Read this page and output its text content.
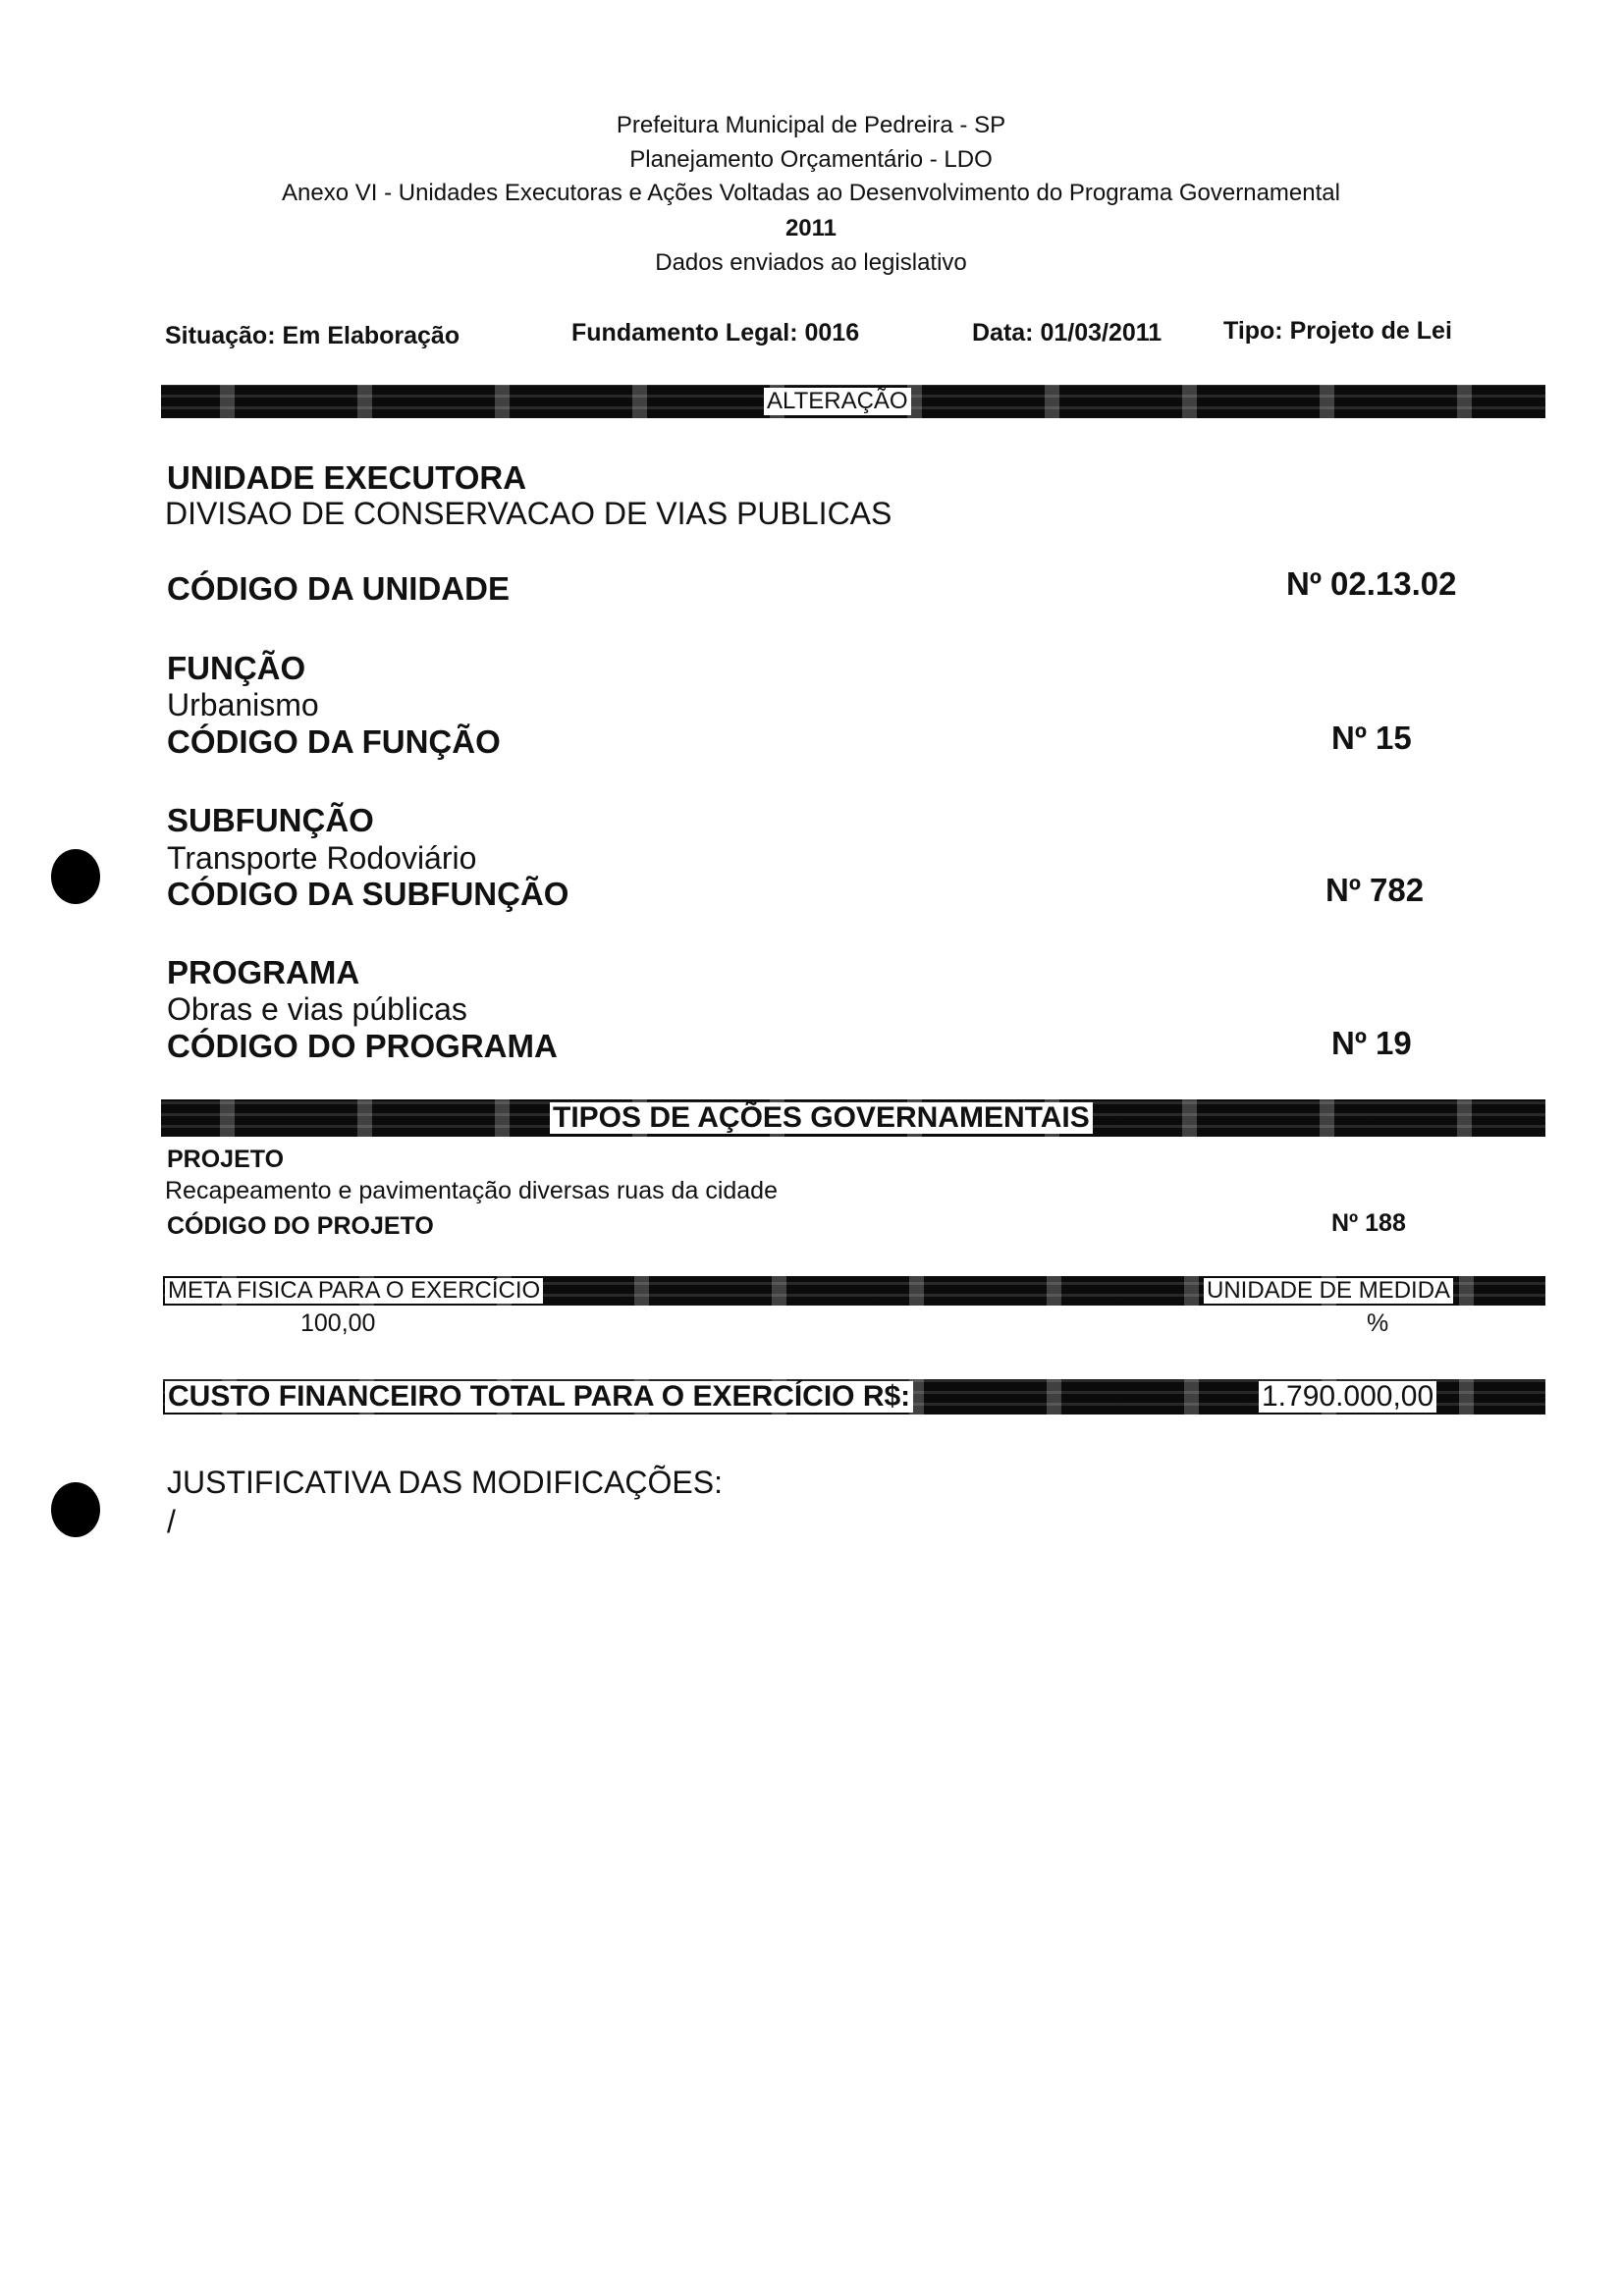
Prefeitura Municipal de Pedreira - SP
Planejamento Orçamentário - LDO
Anexo VI - Unidades Executoras e Ações Voltadas ao Desenvolvimento do Programa Governamental
2011
Dados enviados ao legislativo
Situação: Em Elaboração	Fundamento Legal: 0016	Data: 01/03/2011	Tipo: Projeto de Lei
ALTERAÇÃO
UNIDADE EXECUTORA
DIVISAO DE CONSERVACAO DE VIAS PUBLICAS
CÓDIGO DA UNIDADE	Nº 02.13.02
FUNÇÃO
Urbanismo
CÓDIGO DA FUNÇÃO	Nº 15
SUBFUNÇÃO
Transporte Rodoviário
CÓDIGO DA SUBFUNÇÃO	Nº 782
PROGRAMA
Obras e vias públicas
CÓDIGO DO PROGRAMA	Nº 19
TIPOS DE AÇÕES GOVERNAMENTAIS
PROJETO
Recapeamento e pavimentação diversas ruas da cidade
CÓDIGO DO PROJETO	Nº 188
META FISICA PARA O EXERCÍCIO	UNIDADE DE MEDIDA
100,00	%
CUSTO FINANCEIRO TOTAL PARA O EXERCÍCIO R$:	1.790.000,00
JUSTIFICATIVA DAS MODIFICAÇÕES:
/
